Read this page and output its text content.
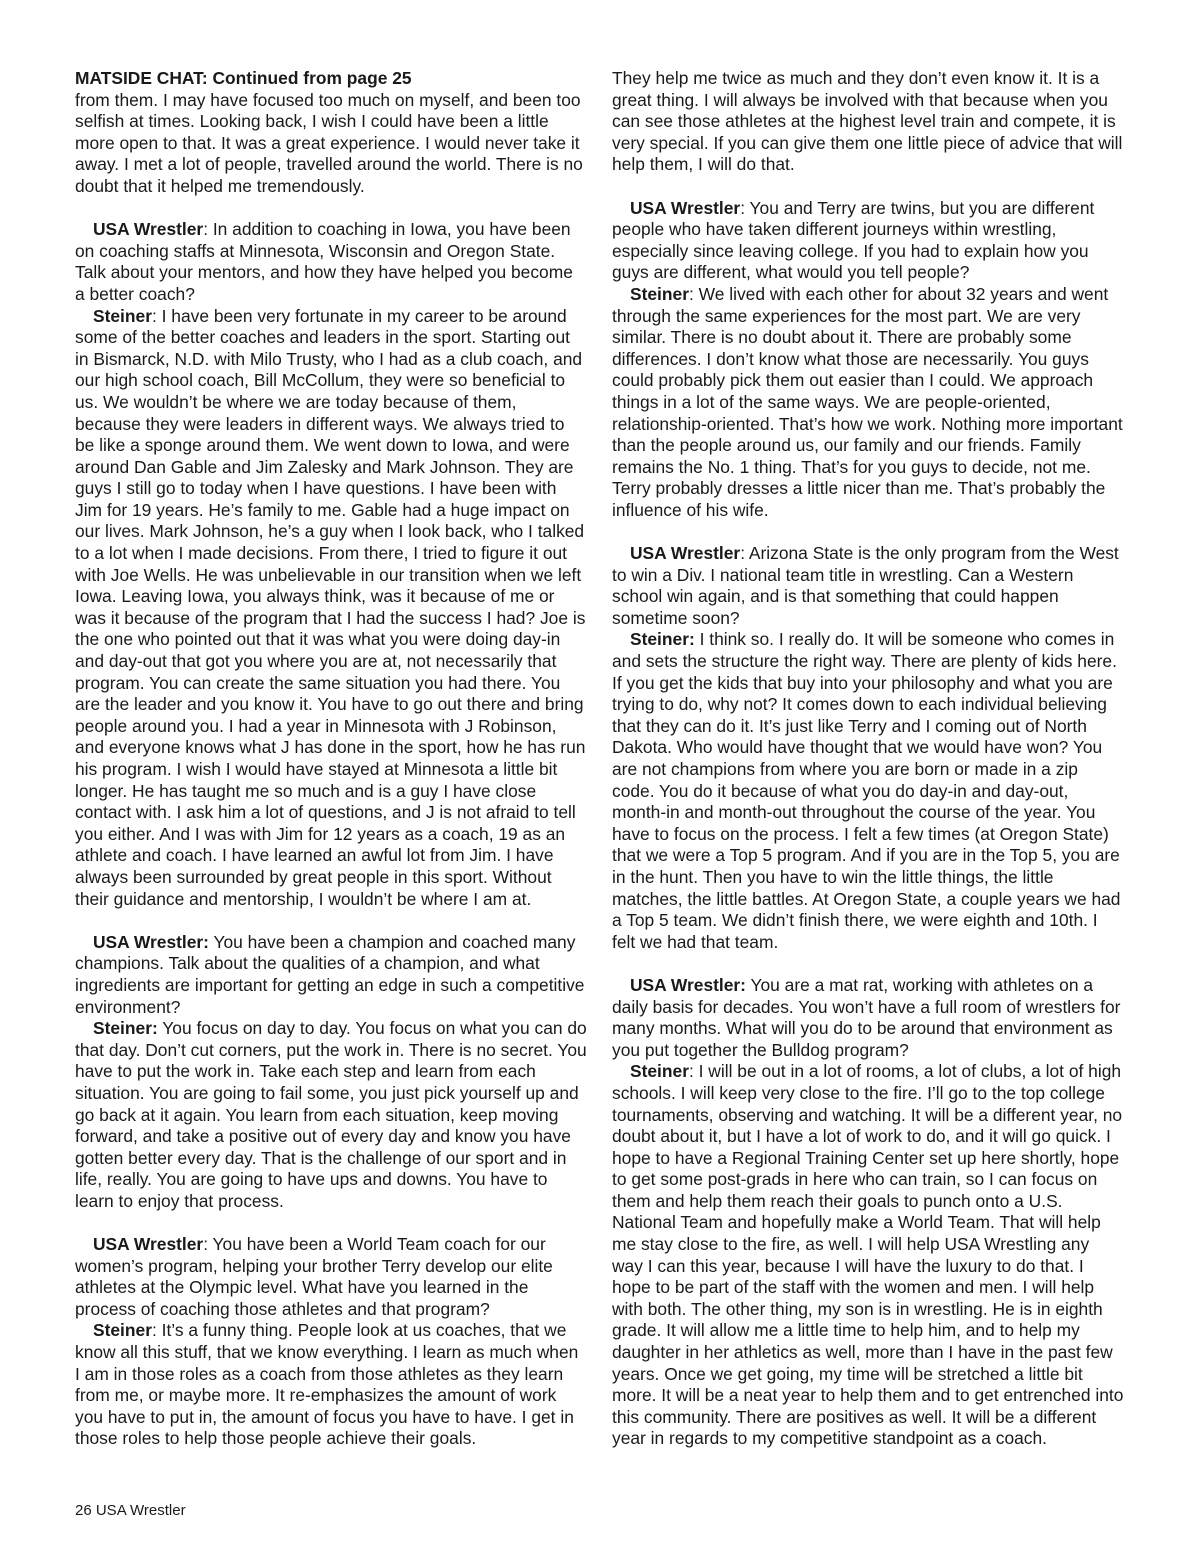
MATSIDE CHAT: Continued from page 25

from them. I may have focused too much on myself, and been too selfish at times. Looking back, I wish I could have been a little more open to that. It was a great experience. I would never take it away. I met a lot of people, travelled around the world. There is no doubt that it helped me tremendously.

USA Wrestler: In addition to coaching in Iowa, you have been on coaching staffs at Minnesota, Wisconsin and Oregon State. Talk about your mentors, and how they have helped you become a better coach?

Steiner: I have been very fortunate in my career to be around some of the better coaches and leaders in the sport. Starting out in Bismarck, N.D. with Milo Trusty, who I had as a club coach, and our high school coach, Bill McCollum, they were so beneficial to us. We wouldn’t be where we are today because of them, because they were leaders in different ways. We always tried to be like a sponge around them. We went down to Iowa, and were around Dan Gable and Jim Zalesky and Mark Johnson. They are guys I still go to today when I have questions. I have been with Jim for 19 years. He’s family to me. Gable had a huge impact on our lives. Mark Johnson, he’s a guy when I look back, who I talked to a lot when I made decisions. From there, I tried to figure it out with Joe Wells. He was unbelievable in our transition when we left Iowa. Leaving Iowa, you always think, was it because of me or was it because of the program that I had the success I had? Joe is the one who pointed out that it was what you were doing day-in and day-out that got you where you are at, not necessarily that program. You can create the same situation you had there. You are the leader and you know it. You have to go out there and bring people around you. I had a year in Minnesota with J Robinson, and everyone knows what J has done in the sport, how he has run his program. I wish I would have stayed at Minnesota a little bit longer. He has taught me so much and is a guy I have close contact with. I ask him a lot of questions, and J is not afraid to tell you either. And I was with Jim for 12 years as a coach, 19 as an athlete and coach. I have learned an awful lot from Jim. I have always been surrounded by great people in this sport. Without their guidance and mentorship, I wouldn’t be where I am at.

USA Wrestler: You have been a champion and coached many champions. Talk about the qualities of a champion, and what ingredients are important for getting an edge in such a competitive environment?

Steiner: You focus on day to day. You focus on what you can do that day. Don’t cut corners, put the work in. There is no secret. You have to put the work in. Take each step and learn from each situation. You are going to fail some, you just pick yourself up and go back at it again. You learn from each situation, keep moving forward, and take a positive out of every day and know you have gotten better every day. That is the challenge of our sport and in life, really. You are going to have ups and downs. You have to learn to enjoy that process.

USA Wrestler: You have been a World Team coach for our women’s program, helping your brother Terry develop our elite athletes at the Olympic level. What have you learned in the process of coaching those athletes and that program?

Steiner: It’s a funny thing. People look at us coaches, that we know all this stuff, that we know everything. I learn as much when I am in those roles as a coach from those athletes as they learn from me, or maybe more. It re-emphasizes the amount of work you have to put in, the amount of focus you have to have. I get in those roles to help those people achieve their goals.

They help me twice as much and they don’t even know it. It is a great thing. I will always be involved with that because when you can see those athletes at the highest level train and compete, it is very special. If you can give them one little piece of advice that will help them, I will do that.

USA Wrestler: You and Terry are twins, but you are different people who have taken different journeys within wrestling, especially since leaving college. If you had to explain how you guys are different, what would you tell people?

Steiner: We lived with each other for about 32 years and went through the same experiences for the most part. We are very similar. There is no doubt about it. There are probably some differences. I don’t know what those are necessarily. You guys could probably pick them out easier than I could. We approach things in a lot of the same ways. We are people-oriented, relationship-oriented. That’s how we work. Nothing more important than the people around us, our family and our friends. Family remains the No. 1 thing. That’s for you guys to decide, not me. Terry probably dresses a little nicer than me. That’s probably the influence of his wife.

USA Wrestler: Arizona State is the only program from the West to win a Div. I national team title in wrestling. Can a Western school win again, and is that something that could happen sometime soon?

Steiner: I think so. I really do. It will be someone who comes in and sets the structure the right way. There are plenty of kids here. If you get the kids that buy into your philosophy and what you are trying to do, why not? It comes down to each individual believing that they can do it. It’s just like Terry and I coming out of North Dakota. Who would have thought that we would have won? You are not champions from where you are born or made in a zip code. You do it because of what you do day-in and day-out, month-in and month-out throughout the course of the year. You have to focus on the process. I felt a few times (at Oregon State) that we were a Top 5 program. And if you are in the Top 5, you are in the hunt. Then you have to win the little things, the little matches, the little battles. At Oregon State, a couple years we had a Top 5 team. We didn’t finish there, we were eighth and 10th. I felt we had that team.

USA Wrestler: You are a mat rat, working with athletes on a daily basis for decades. You won’t have a full room of wrestlers for many months. What will you do to be around that environment as you put together the Bulldog program?

Steiner: I will be out in a lot of rooms, a lot of clubs, a lot of high schools. I will keep very close to the fire. I’ll go to the top college tournaments, observing and watching. It will be a different year, no doubt about it, but I have a lot of work to do, and it will go quick. I hope to have a Regional Training Center set up here shortly, hope to get some post-grads in here who can train, so I can focus on them and help them reach their goals to punch onto a U.S. National Team and hopefully make a World Team. That will help me stay close to the fire, as well. I will help USA Wrestling any way I can this year, because I will have the luxury to do that. I hope to be part of the staff with the women and men. I will help with both. The other thing, my son is in wrestling. He is in eighth grade. It will allow me a little time to help him, and to help my daughter in her athletics as well, more than I have in the past few years. Once we get going, my time will be stretched a little bit more. It will be a neat year to help them and to get entrenched into this community. There are positives as well. It will be a different year in regards to my competitive standpoint as a coach.

26 USA Wrestler
